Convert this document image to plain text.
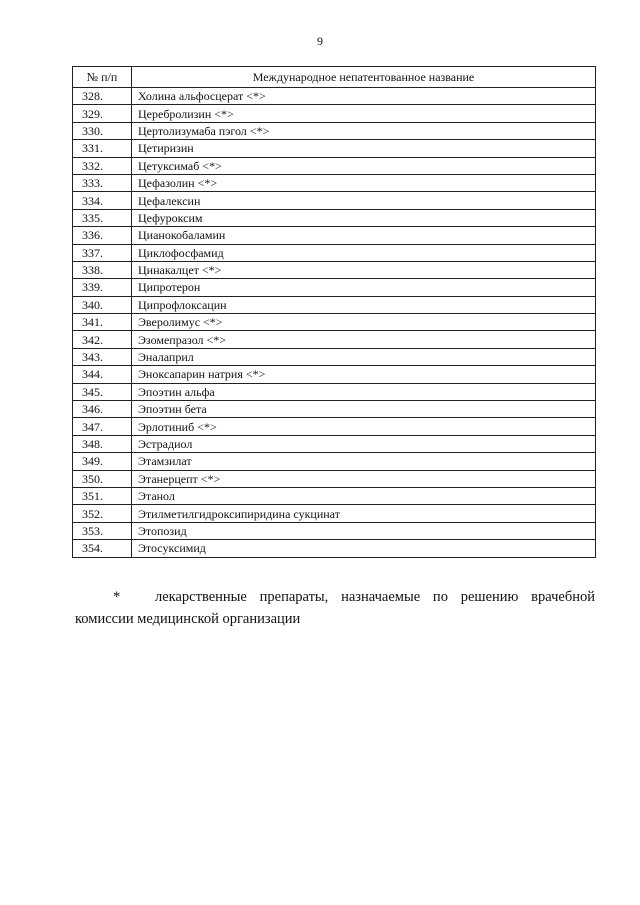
9
№ п/п	Международное непатентованное название
328.	Холина альфосцерат <*>
329.	Церебролизин <*>
330.	Цертолизумаба пэгол <*>
331.	Цетиризин
332.	Цетуксимаб <*>
333.	Цефазолин <*>
334.	Цефалексин
335.	Цефуроксим
336.	Цианокобаламин
337.	Циклофосфамид
338.	Цинакалцет <*>
339.	Ципротерон
340.	Ципрофлоксацин
341.	Эверолимус <*>
342.	Эзомепразол <*>
343.	Эналаприл
344.	Эноксапарин натрия <*>
345.	Эпоэтин альфа
346.	Эпоэтин бета
347.	Эрлотиниб <*>
348.	Эстрадиол
349.	Этамзилат
350.	Этанерцепт <*>
351.	Этанол
352.	Этилметилгидроксипиридина сукцинат
353.	Этопозид
354.	Этосуксимид
* лекарственные препараты, назначаемые по решению врачебной комиссии медицинской организации
